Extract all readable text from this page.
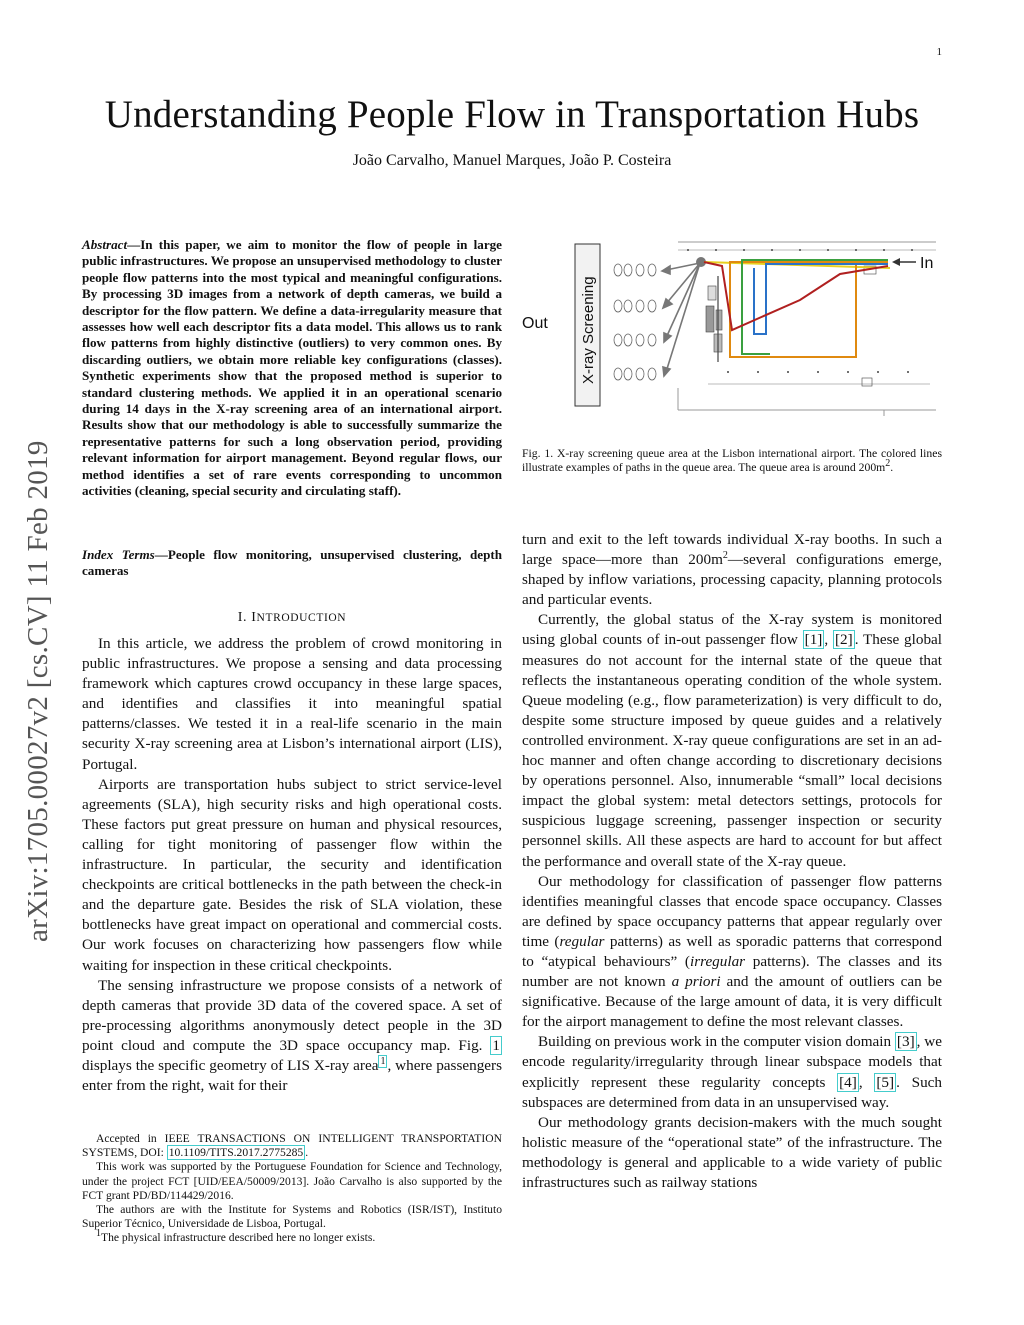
1
Understanding People Flow in Transportation Hubs
João Carvalho, Manuel Marques, João P. Costeira
arXiv:1705.00027v2 [cs.CV] 11 Feb 2019
Abstract—In this paper, we aim to monitor the flow of people in large public infrastructures. We propose an unsupervised methodology to cluster people flow patterns into the most typical and meaningful configurations. By processing 3D images from a network of depth cameras, we build a descriptor for the flow pattern. We define a data-irregularity measure that assesses how well each descriptor fits a data model. This allows us to rank flow patterns from highly distinctive (outliers) to very common ones. By discarding outliers, we obtain more reliable key configurations (classes). Synthetic experiments show that the proposed method is superior to standard clustering methods. We applied it in an operational scenario during 14 days in the X-ray screening area of an international airport. Results show that our methodology is able to successfully summarize the representative patterns for such a long observation period, providing relevant information for airport management. Beyond regular flows, our method identifies a set of rare events corresponding to uncommon activities (cleaning, special security and circulating staff).
Index Terms—People flow monitoring, unsupervised clustering, depth cameras
I. INTRODUCTION

In this article, we address the problem of crowd monitoring in public infrastructures. We propose a sensing and data processing framework which captures crowd occupancy in these large spaces, and identifies and classifies it into meaningful spatial patterns/classes. We tested it in a real-life scenario in the main security X-ray screening area at Lisbon’s international airport (LIS), Portugal.

Airports are transportation hubs subject to strict service-level agreements (SLA), high security risks and high operational costs. These factors put great pressure on human and physical resources, calling for tight monitoring of passenger flow within the infrastructure. In particular, the security and identification checkpoints are critical bottlenecks in the path between the check-in and the departure gate. Besides the risk of SLA violation, these bottlenecks have great impact on operational and commercial costs. Our work focuses on characterizing how passengers flow while waiting for inspection in these critical checkpoints.

The sensing infrastructure we propose consists of a network of depth cameras that provide 3D data of the covered space. A set of pre-processing algorithms anonymously detect people in the 3D point cloud and compute the 3D space occupancy map. Fig. 1 displays the specific geometry of LIS X-ray area $^1$ , where passengers enter from the right, wait for their

Accepted in IEEE TRANSACTIONS ON INTELLIGENT TRANSPORTATION SYSTEMS, DOI: 10.1109/TITS.2017.2775285 .

This work was supported by the Portuguese Foundation for Science and Technology, under the project FCT [UID/EEA/50009/2013]. João Carvalho is also supported by the FCT grant PD/BD/114429/2016.

The authors are with the Institute for Systems and Robotics (ISR/IST), Instituto Superior Técnico, Universidade de Lisboa, Portugal.

1The physical infrastructure described here no longer exists.

X-ray Screening
Out
In
Fig. 1. X-ray screening queue area at the Lisbon international airport. The colored lines illustrate examples of paths in the queue area. The queue area is around 200m2.

turn and exit to the left towards individual X-ray booths. In such a large space—more than $200m^2—several$ configurations emerge, shaped by inflow variations, processing capacity, planning protocols and particular events.

Currently, the global status of the X-ray system is monitored using global counts of in-out passenger flow [1] , [2] . These global measures do not account for the internal state of the queue that reflects the instantaneous operating condition of the whole system. Queue modeling (e.g., flow parameterization) is very difficult to do, despite some structure imposed by queue guides and a relatively controlled environment. X-ray queue configurations are set in an ad-hoc manner and often change according to discretionary decisions by operations personnel. Also, innumerable “small” local decisions impact the global system: metal detectors settings, protocols for suspicious luggage screening, passenger inspection or security personnel skills. All these aspects are hard to account for but affect the performance and overall state of the X-ray queue.

Our methodology for classification of passenger flow patterns identifies meaningful classes that encode space occupancy. Classes are defined by space occupancy patterns that appear regularly over time (regular patterns) as well as sporadic patterns that correspond to “atypical behaviours” (irregular patterns). The classes and its number are not known a priori and the amount of outliers can be significative. Because of the large amount of data, it is very difficult for the airport management to define the most relevant classes.

Building on previous work in the computer vision domain [3] , we encode regularity/irregularity through linear subspace models that explicitly represent these regularity concepts [4] , [5] . Such subspaces are determined from data in an unsupervised way.

Our methodology grants decision-makers with the much sought holistic measure of the “operational state” of the infrastructure. The methodology is general and applicable to a wide variety of public infrastructures such as railway stations
